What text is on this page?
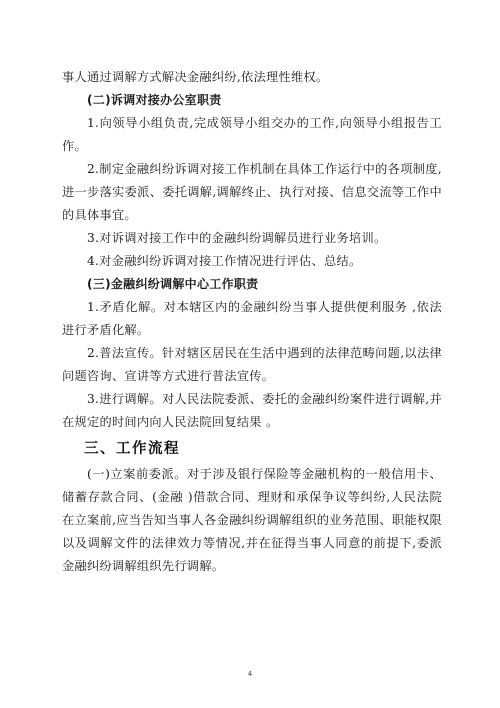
事人通过调解方式解决金融纠纷,依法理性维权。

(二)诉调对接办公室职责

1.向领导小组负责,完成领导小组交办的工作,向领导小组报告工作。

2.制定金融纠纷诉调对接工作机制在具体工作运行中的各项制度,进一步落实委派、委托调解,调解终止、执行对接、信息交流等工作中的具体事宜。

3.对诉调对接工作中的金融纠纷调解员进行业务培训。

4.对金融纠纷诉调对接工作情况进行评估、总结。

(三)金融纠纷调解中心工作职责

1.矛盾化解。对本辖区内的金融纠纷当事人提供便利服务 ,依法进行矛盾化解。

2.普法宣传。针对辖区居民在生活中遇到的法律范畴问题,以法律问题咨询、宣讲等方式进行普法宣传。

3.进行调解。对人民法院委派、委托的金融纠纷案件进行调解,并在规定的时间内向人民法院回复结果 。

三、工作流程

(一)立案前委派。对于涉及银行保险等金融机构的一般信用卡、储蓄存款合同、(金融 )借款合同、理财和承保争议等纠纷,人民法院在立案前,应当告知当事人各金融纠纷调解组织的业务范围、职能权限以及调解文件的法律效力等情况,并在征得当事人同意的前提下,委派金融纠纷调解组织先行调解。

4
